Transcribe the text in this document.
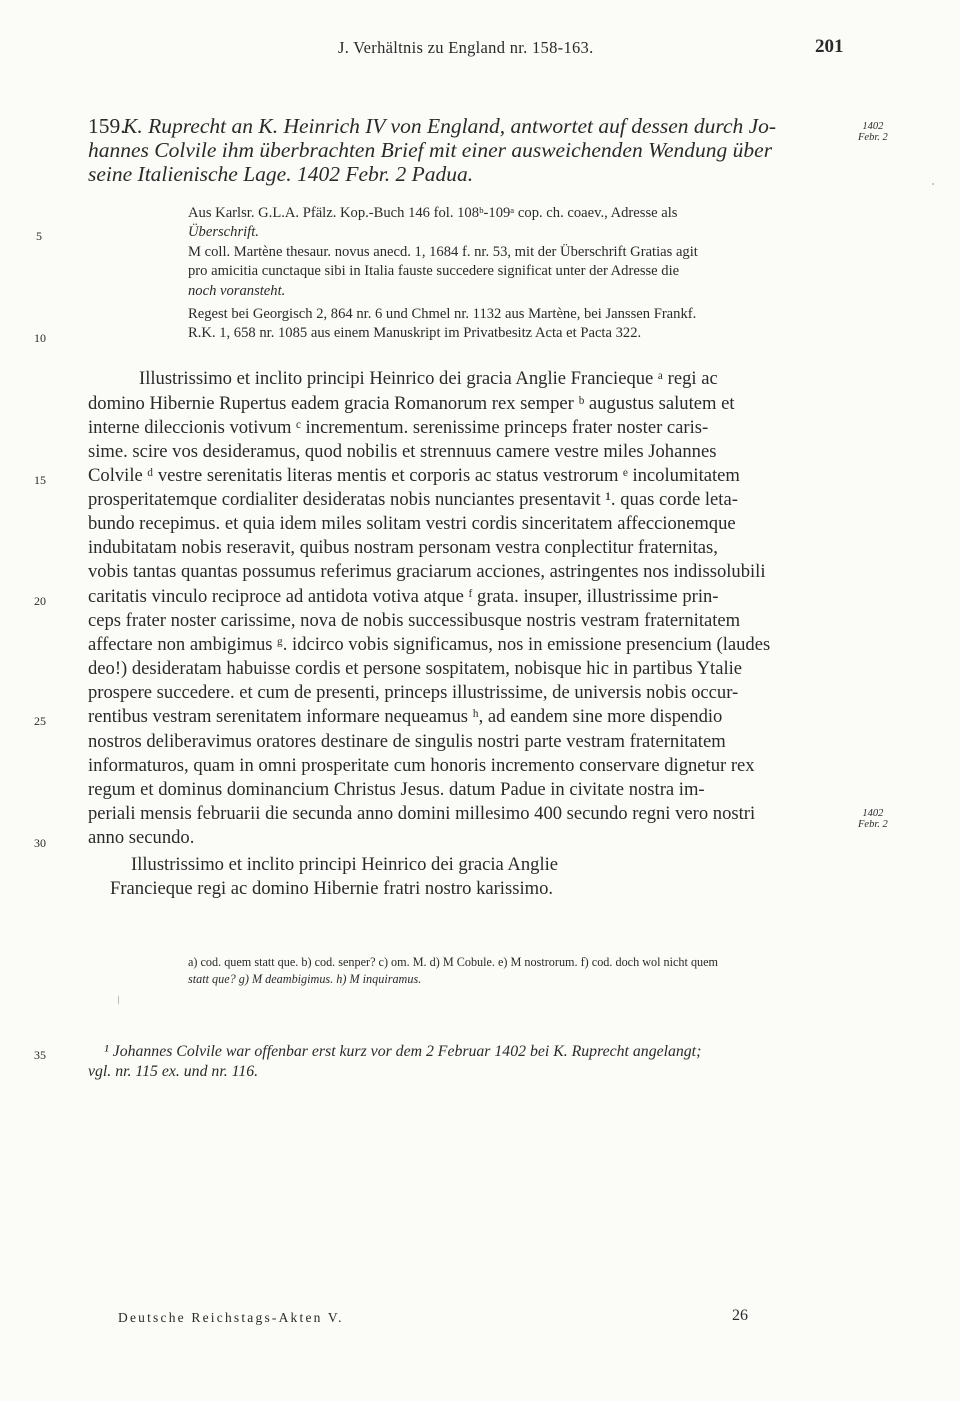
J. Verhältnis zu England nr. 158-163.	201
159.
K. Ruprecht an K. Heinrich IV von England, antwortet auf dessen durch Jo-
hannes Colvile ihm überbrachten Brief mit einer ausweichenden Wendung über
seine Italienische Lage. 1402 Febr. 2 Padua.
1402
Febr. 2
Aus Karlsr. G.L.A. Pfälz. Kop.-Buch 146 fol. 108ᵇ-109ᵃ cop. ch. coaev., Adresse als
Überschrift.
M coll. Martène thesaur. novus anecd. 1, 1684 f. nr. 53, mit der Überschrift Gratias agit
pro amicitia cunctaque sibi in Italia fauste succedere significat unter der Adresse die
noch voransteht.
Regest bei Georgisch 2, 864 nr. 6 und Chmel nr. 1132 aus Martène, bei Janssen Frankf.
R.K. 1, 658 nr. 1085 aus einem Manuskript im Privatbesitz Acta et Pacta 322.
5
10
Illustrissimo et inclito principi Heinrico dei gracia Anglie Francieque ᵃ regi ac
domino Hibernie Rupertus eadem gracia Romanorum rex semper ᵇ augustus salutem et
interne dileccionis votivum ᶜ incrementum. serenissime princeps frater noster caris-
sime. scire vos desideramus, quod nobilis et strennuus camere vestre miles Johannes
Colvile ᵈ vestre serenitatis literas mentis et corporis ac status vestrorum ᵉ incolumitatem
prosperitatemque cordialiter desideratas nobis nunciantes presentavit ¹. quas corde leta-
bundo recepimus. et quia idem miles solitam vestri cordis sinceritatem affeccionemque
indubitatam nobis reseravit, quibus nostram personam vestra conplectitur fraternitas,
vobis tantas quantas possumus referimus graciarum acciones, astringentes nos indissolubili
caritatis vinculo reciproce ad antidota votiva atque ᶠ grata. insuper, illustrissime prin-
ceps frater noster carissime, nova de nobis successibusque nostris vestram fraternitatem
affectare non ambigimus ᵍ. idcirco vobis significamus, nos in emissione presencium (laudes
deo!) desideratam habuisse cordis et persone sospitatem, nobisque hic in partibus Ytalie
prospere succedere. et cum de presenti, princeps illustrissime, de universis nobis occur-
rentibus vestram serenitatem informare nequeamus ʰ, ad eandem sine more dispendio
nostros deliberavimus oratores destinare de singulis nostri parte vestram fraternitatem
informaturos, quam in omni prosperitate cum honoris incremento conservare dignetur rex
regum et dominus dominancium Christus Jesus. datum Padue in civitate nostra im-
periali mensis februarii die secunda anno domini millesimo 400 secundo regni vero nostri
anno secundo.
15
20
25
30
1402
Febr. 2
Illustrissimo et inclito principi Heinrico dei gracia Anglie
Francieque regi ac domino Hibernie fratri nostro karissimo.
a) cod. quem statt que. b) cod. senper? c) om. M. d) M Cobule. e) M nostrorum. f) cod. doch wol nicht quem
statt que? g) M deambigimus. h) M inquiramus.
35	¹ Johannes Colvile war offenbar erst kurz vor dem 2 Februar 1402 bei K. Ruprecht angelangt;
vgl. nr. 115 ex. und nr. 116.
Deutsche Reichstags-Akten V.	26
